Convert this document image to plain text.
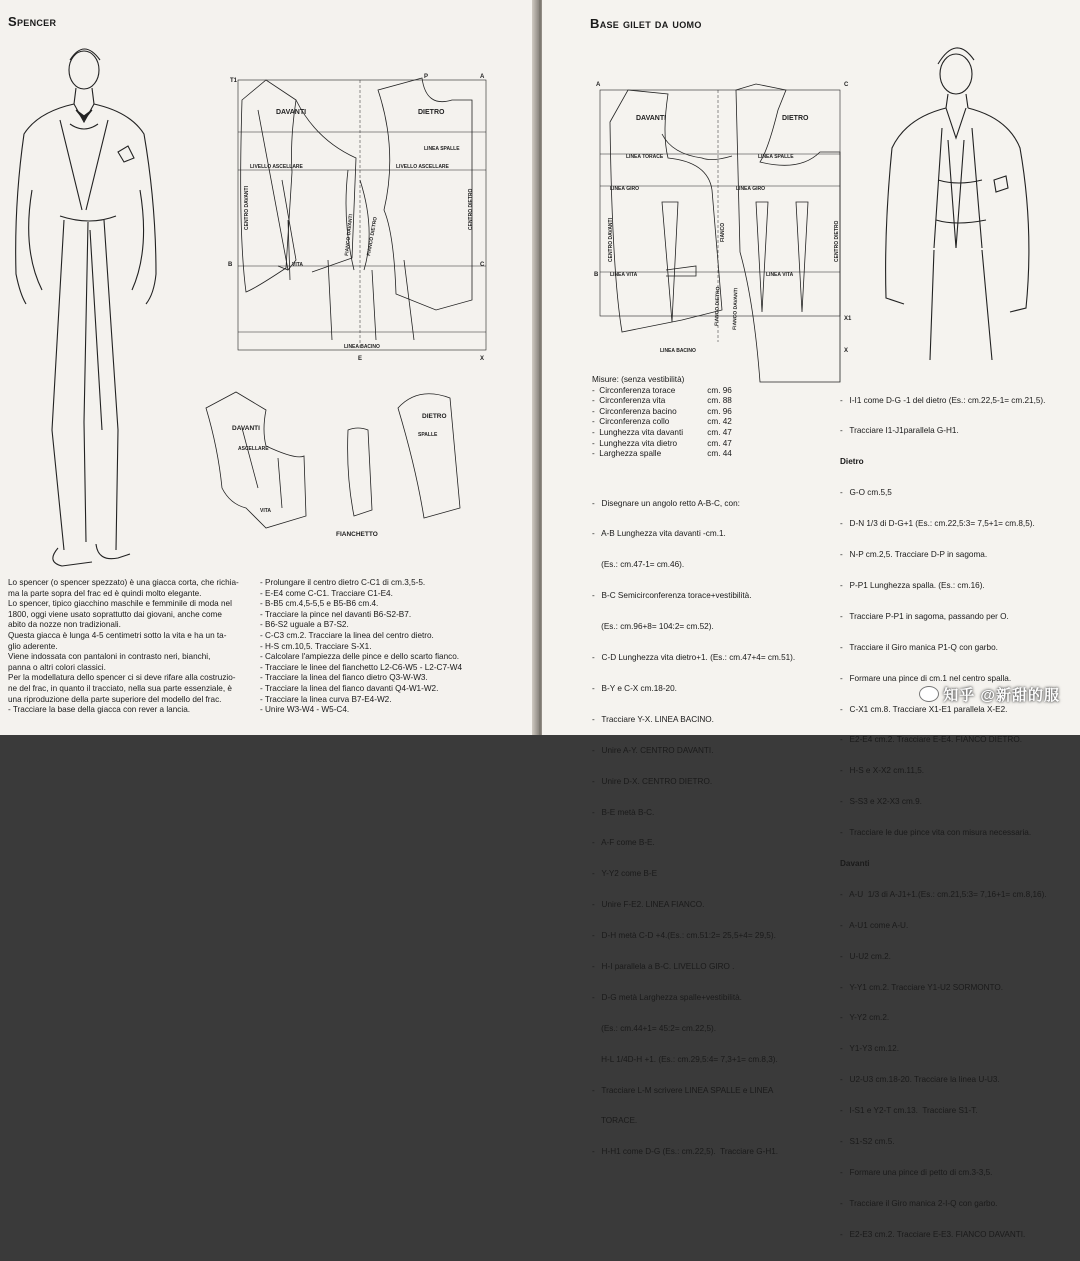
Spencer
DAVANTI	DIETRO
LINEA SPALLE
LIVELLO ASCELLARE	LIVELLO ASCELLARE
LINEA BACINO
VITA
T1
B
A
X
C
E
P
CENTRO DAVANTI	CENTRO DIETRO
FIANCO DIETRO
FIANCO DAVANTI
DAVANTI
DIETRO
ASCELLARE
SPALLE
VITA
FIANCHETTO
Lo spencer (o spencer spezzato) è una giacca corta, che richia-
ma la parte sopra del frac ed è quindi molto elegante.
Lo spencer, tipico giacchino maschile e femminile di moda nel
1800, oggi viene usato soprattutto dai giovani, anche come
abito da nozze non tradizionali.
Questa giacca è lunga 4-5 centimetri sotto la vita e ha un ta-
glio aderente.
Viene indossata con pantaloni in contrasto neri, bianchi,
panna o altri colori classici.
Per la modellatura dello spencer ci si deve rifare alla costruzio-
ne del frac, in quanto il tracciato, nella sua parte essenziale, è
una riproduzione della parte superiore del modello del frac.
- Tracciare la base della giacca con rever a lancia.
- Prolungare il centro dietro C-C1 di cm.3,5-5.
- E-E4 come C-C1. Tracciare C1-E4.
- B-B5 cm.4,5-5,5 e B5-B6 cm.4.
- Tracciare la pince nel davanti B6-S2-B7.
- B6-S2 uguale a B7-S2.
- C-C3 cm.2. Tracciare la linea del centro dietro.
- H-S cm.10,5. Tracciare S-X1.
- Calcolare l'ampiezza delle pince e dello scarto fianco.
- Tracciare le linee del fianchetto L2-C6-W5 - L2-C7-W4
- Tracciare la linea del fianco dietro Q3-W-W3.
- Tracciare la linea del fianco davanti Q4-W1-W2.
- Tracciare la linea curva B7-E4-W2.
- Unire W3-W4 - W5-C4.
Base gilet da uomo
DAVANTI	DIETRO
LINEA TORACE	LINEA SPALLE
LINEA GIRO	LINEA GIRO
LINEA VITA	LINEA VITA
LINEA BACINO
A	C
B
X1
X
CENTRO DAVANTI	CENTRO DIETRO
FIANCO
FIANCO DIETRO FIANCO DAVANTI
Misure: (senza vestibilità)
- Circonferenza torace	cm. 96
- Circonferenza vita	cm. 88
- Circonferenza bacino	cm. 96
- Circonferenza collo	cm. 42
- Lunghezza vita davanti	cm. 47
- Lunghezza vita dietro	cm. 47
- Larghezza spalle	cm. 44

-   Disegnare un angolo retto A-B-C, con:

-   A-B Lunghezza vita davanti -cm.1.

(Es.: cm.47-1= cm.46).

-   B-C Semicirconferenza torace+vestibilità.

(Es.: cm.96+8= 104:2= cm.52).

-   C-D Lunghezza vita dietro+1. (Es.: cm.47+4= cm.51).

-   B-Y e C-X cm.18-20.

-   Tracciare Y-X. LINEA BACINO.

-   Unire A-Y. CENTRO DAVANTI.

-   Unire D-X. CENTRO DIETRO.

-   B-E metà B-C.

-   A-F come B-E.

-   Y-Y2 come B-E

-   Unire F-E2. LINEA FIANCO.

-   D-H metà C-D +4.(Es.: cm.51:2= 25,5+4= 29,5).

-   H-I parallela a B-C. LIVELLO GIRO .

-   D-G metà Larghezza spalle+vestibilità.

(Es.: cm.44+1= 45:2= cm.22,5).

H-L 1/4D-H +1. (Es.: cm.29,5:4= 7,3+1= cm.8,3).

-   Tracciare L-M scrivere LINEA SPALLE e LINEA

TORACE.

-   H-H1 come D-G (Es.: cm.22,5).  Tracciare G-H1.

-   I-I1 come D-G -1 del dietro (Es.: cm.22,5-1= cm.21,5).

-   Tracciare I1-J1parallela G-H1.

Dietro

-   G-O cm.5,5

-   D-N 1/3 di D-G+1 (Es.: cm.22,5:3= 7,5+1= cm.8,5).

-   N-P cm.2,5. Tracciare D-P in sagoma.

-   P-P1 Lunghezza spalla. (Es.: cm.16).

-   Tracciare P-P1 in sagoma, passando per O.

-   Tracciare il Giro manica P1-Q con garbo.

-   Formare una pince di cm.1 nel centro spalla.

-   C-X1 cm.8. Tracciare X1-E1 parallela X-E2.

-   E2-E4 cm.2. Tracciare E-E4. FIANCO DIETRO.

-   H-S e X-X2 cm.11,5.

-   S-S3 e X2-X3 cm.9.

-   Tracciare le due pince vita con misura necessaria.

Davanti

-   A-U  1/3 di A-J1+1.(Es.: cm.21,5:3= 7,16+1= cm.8,16).

-   A-U1 come A-U.

-   U-U2 cm.2.

-   Y-Y1 cm.2. Tracciare Y1-U2 SORMONTO.

-   Y-Y2 cm.2.

-   Y1-Y3 cm.12.

-   U2-U3 cm.18-20. Tracciare la linea U-U3.

-   I-S1 e Y2-T cm.13.  Tracciare S1-T.

-   S1-S2 cm.5.

-   Formare una pince di petto di cm.3-3,5.

-   Tracciare il Giro manica 2-I-Q con garbo.

-   E2-E3 cm.2. Tracciare E-E3. FIANCO DAVANTI.

知乎 @新甜的服
